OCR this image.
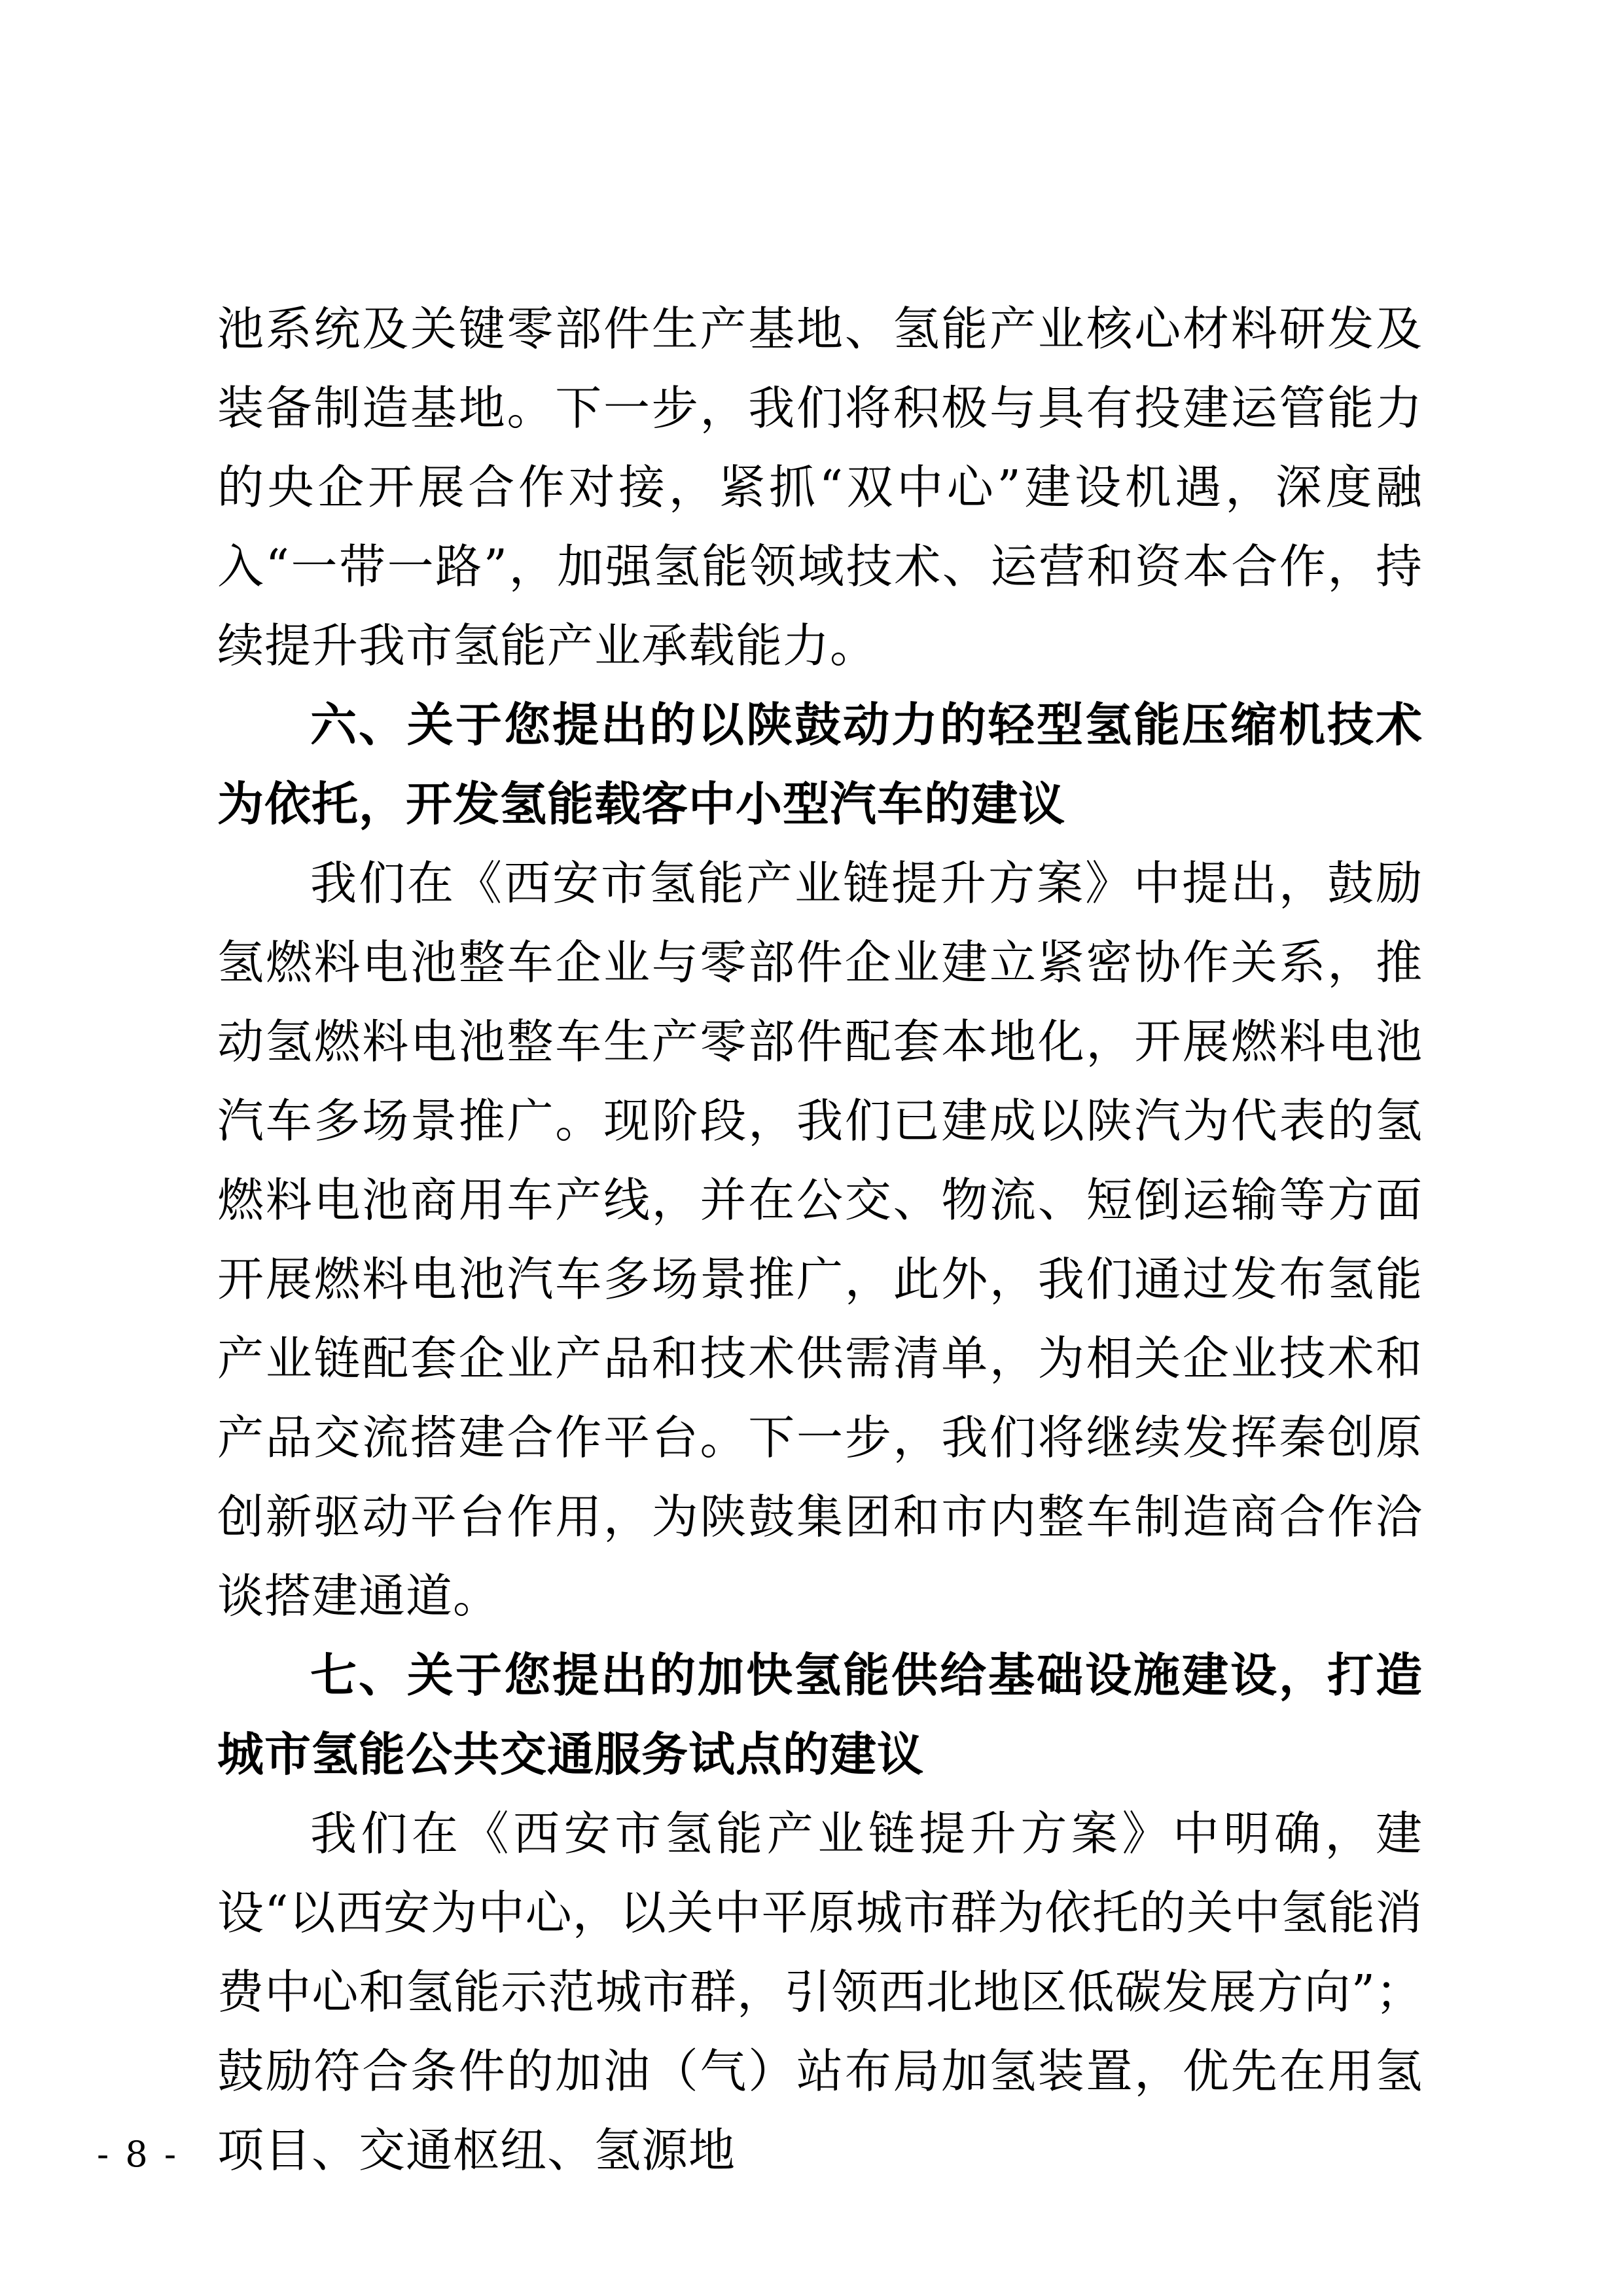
池系统及关键零部件生产基地、氢能产业核心材料研发及装备制造基地。下一步，我们将积极与具有投建运管能力的央企开展合作对接，紧抓“双中心”建设机遇，深度融入“一带一路”，加强氢能领域技术、运营和资本合作，持续提升我市氢能产业承载能力。

六、关于您提出的以陕鼓动力的轻型氢能压缩机技术为依托，开发氢能载客中小型汽车的建议

我们在《西安市氢能产业链提升方案》中提出，鼓励氢燃料电池整车企业与零部件企业建立紧密协作关系，推动氢燃料电池整车生产零部件配套本地化，开展燃料电池汽车多场景推广。现阶段，我们已建成以陕汽为代表的氢燃料电池商用车产线，并在公交、物流、短倒运输等方面开展燃料电池汽车多场景推广，此外，我们通过发布氢能产业链配套企业产品和技术供需清单，为相关企业技术和产品交流搭建合作平台。下一步，我们将继续发挥秦创原创新驱动平台作用，为陕鼓集团和市内整车制造商合作洽谈搭建通道。

七、关于您提出的加快氢能供给基础设施建设，打造城市氢能公共交通服务试点的建议

我们在《西安市氢能产业链提升方案》中明确，建设“以西安为中心，以关中平原城市群为依托的关中氢能消费中心和氢能示范城市群，引领西北地区低碳发展方向”；鼓励符合条件的加油（气）站布局加氢装置，优先在用氢项目、交通枢纽、氢源地

- 8 -
